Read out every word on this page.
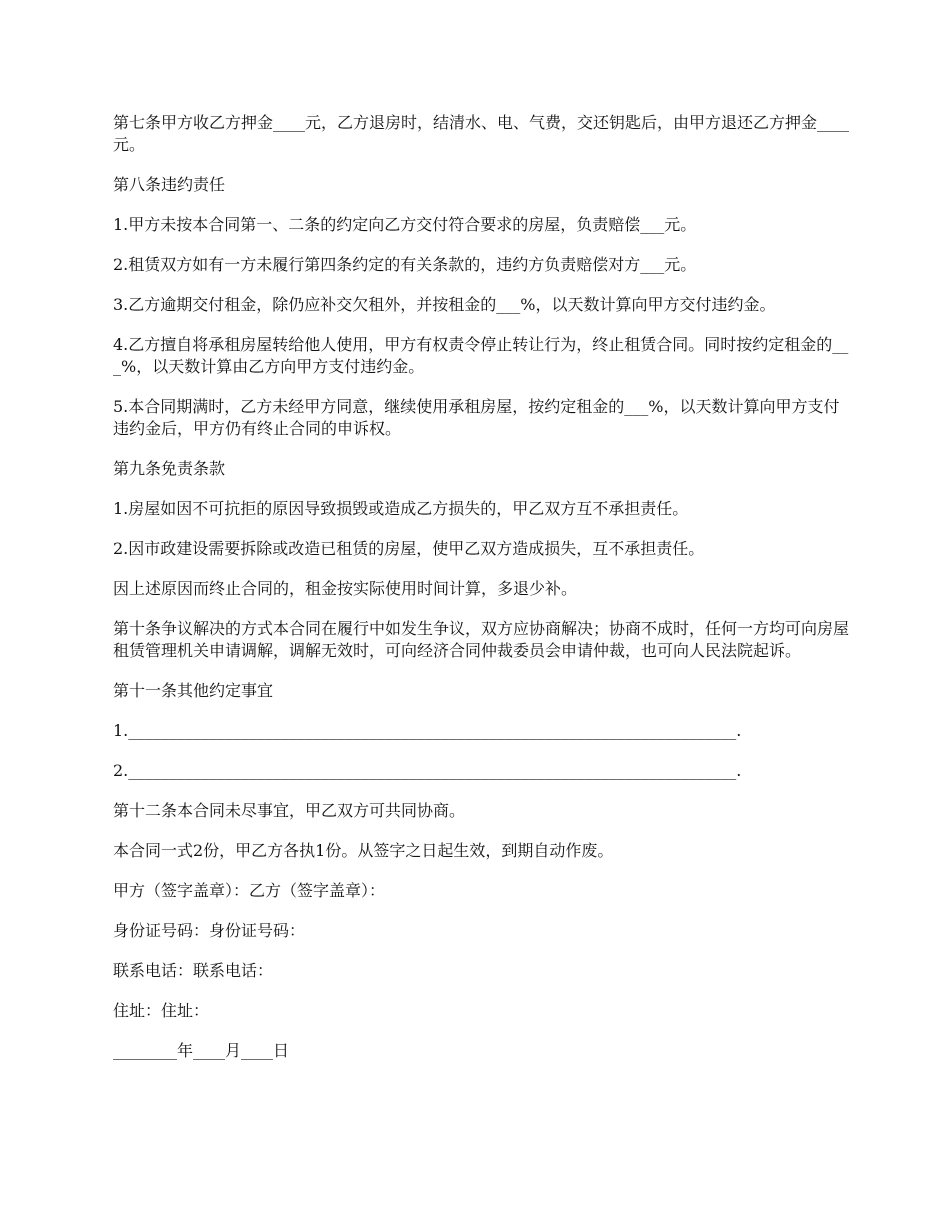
第七条甲方收乙方押金____元，乙方退房时，结清水、电、气费，交还钥匙后，由甲方退还乙方押金____元。

第八条违约责任

1.甲方未按本合同第一、二条的约定向乙方交付符合要求的房屋，负责赔偿___元。

2.租赁双方如有一方未履行第四条约定的有关条款的，违约方负责赔偿对方___元。

3.乙方逾期交付租金，除仍应补交欠租外，并按租金的___%，以天数计算向甲方交付违约金。

4.乙方擅自将承租房屋转给他人使用，甲方有权责令停止转让行为，终止租赁合同。同时按约定租金的___%，以天数计算由乙方向甲方支付违约金。

5.本合同期满时，乙方未经甲方同意，继续使用承租房屋，按约定租金的___%，以天数计算向甲方支付违约金后，甲方仍有终止合同的申诉权。

第九条免责条款

1.房屋如因不可抗拒的原因导致损毁或造成乙方损失的，甲乙双方互不承担责任。

2.因市政建设需要拆除或改造已租赁的房屋，使甲乙双方造成损失，互不承担责任。

因上述原因而终止合同的，租金按实际使用时间计算，多退少补。

第十条争议解决的方式本合同在履行中如发生争议，双方应协商解决；协商不成时，任何一方均可向房屋租赁管理机关申请调解，调解无效时，可向经济合同仲裁委员会申请仲裁，也可向人民法院起诉。

第十一条其他约定事宜

1.____________________________________________________________________________.

2.____________________________________________________________________________.

第十二条本合同未尽事宜，甲乙双方可共同协商。

本合同一式2份，甲乙方各执1份。从签字之日起生效，到期自动作废。

甲方（签字盖章）：乙方（签字盖章）：

身份证号码：身份证号码：

联系电话：联系电话：

住址：住址：

________年____月____日
